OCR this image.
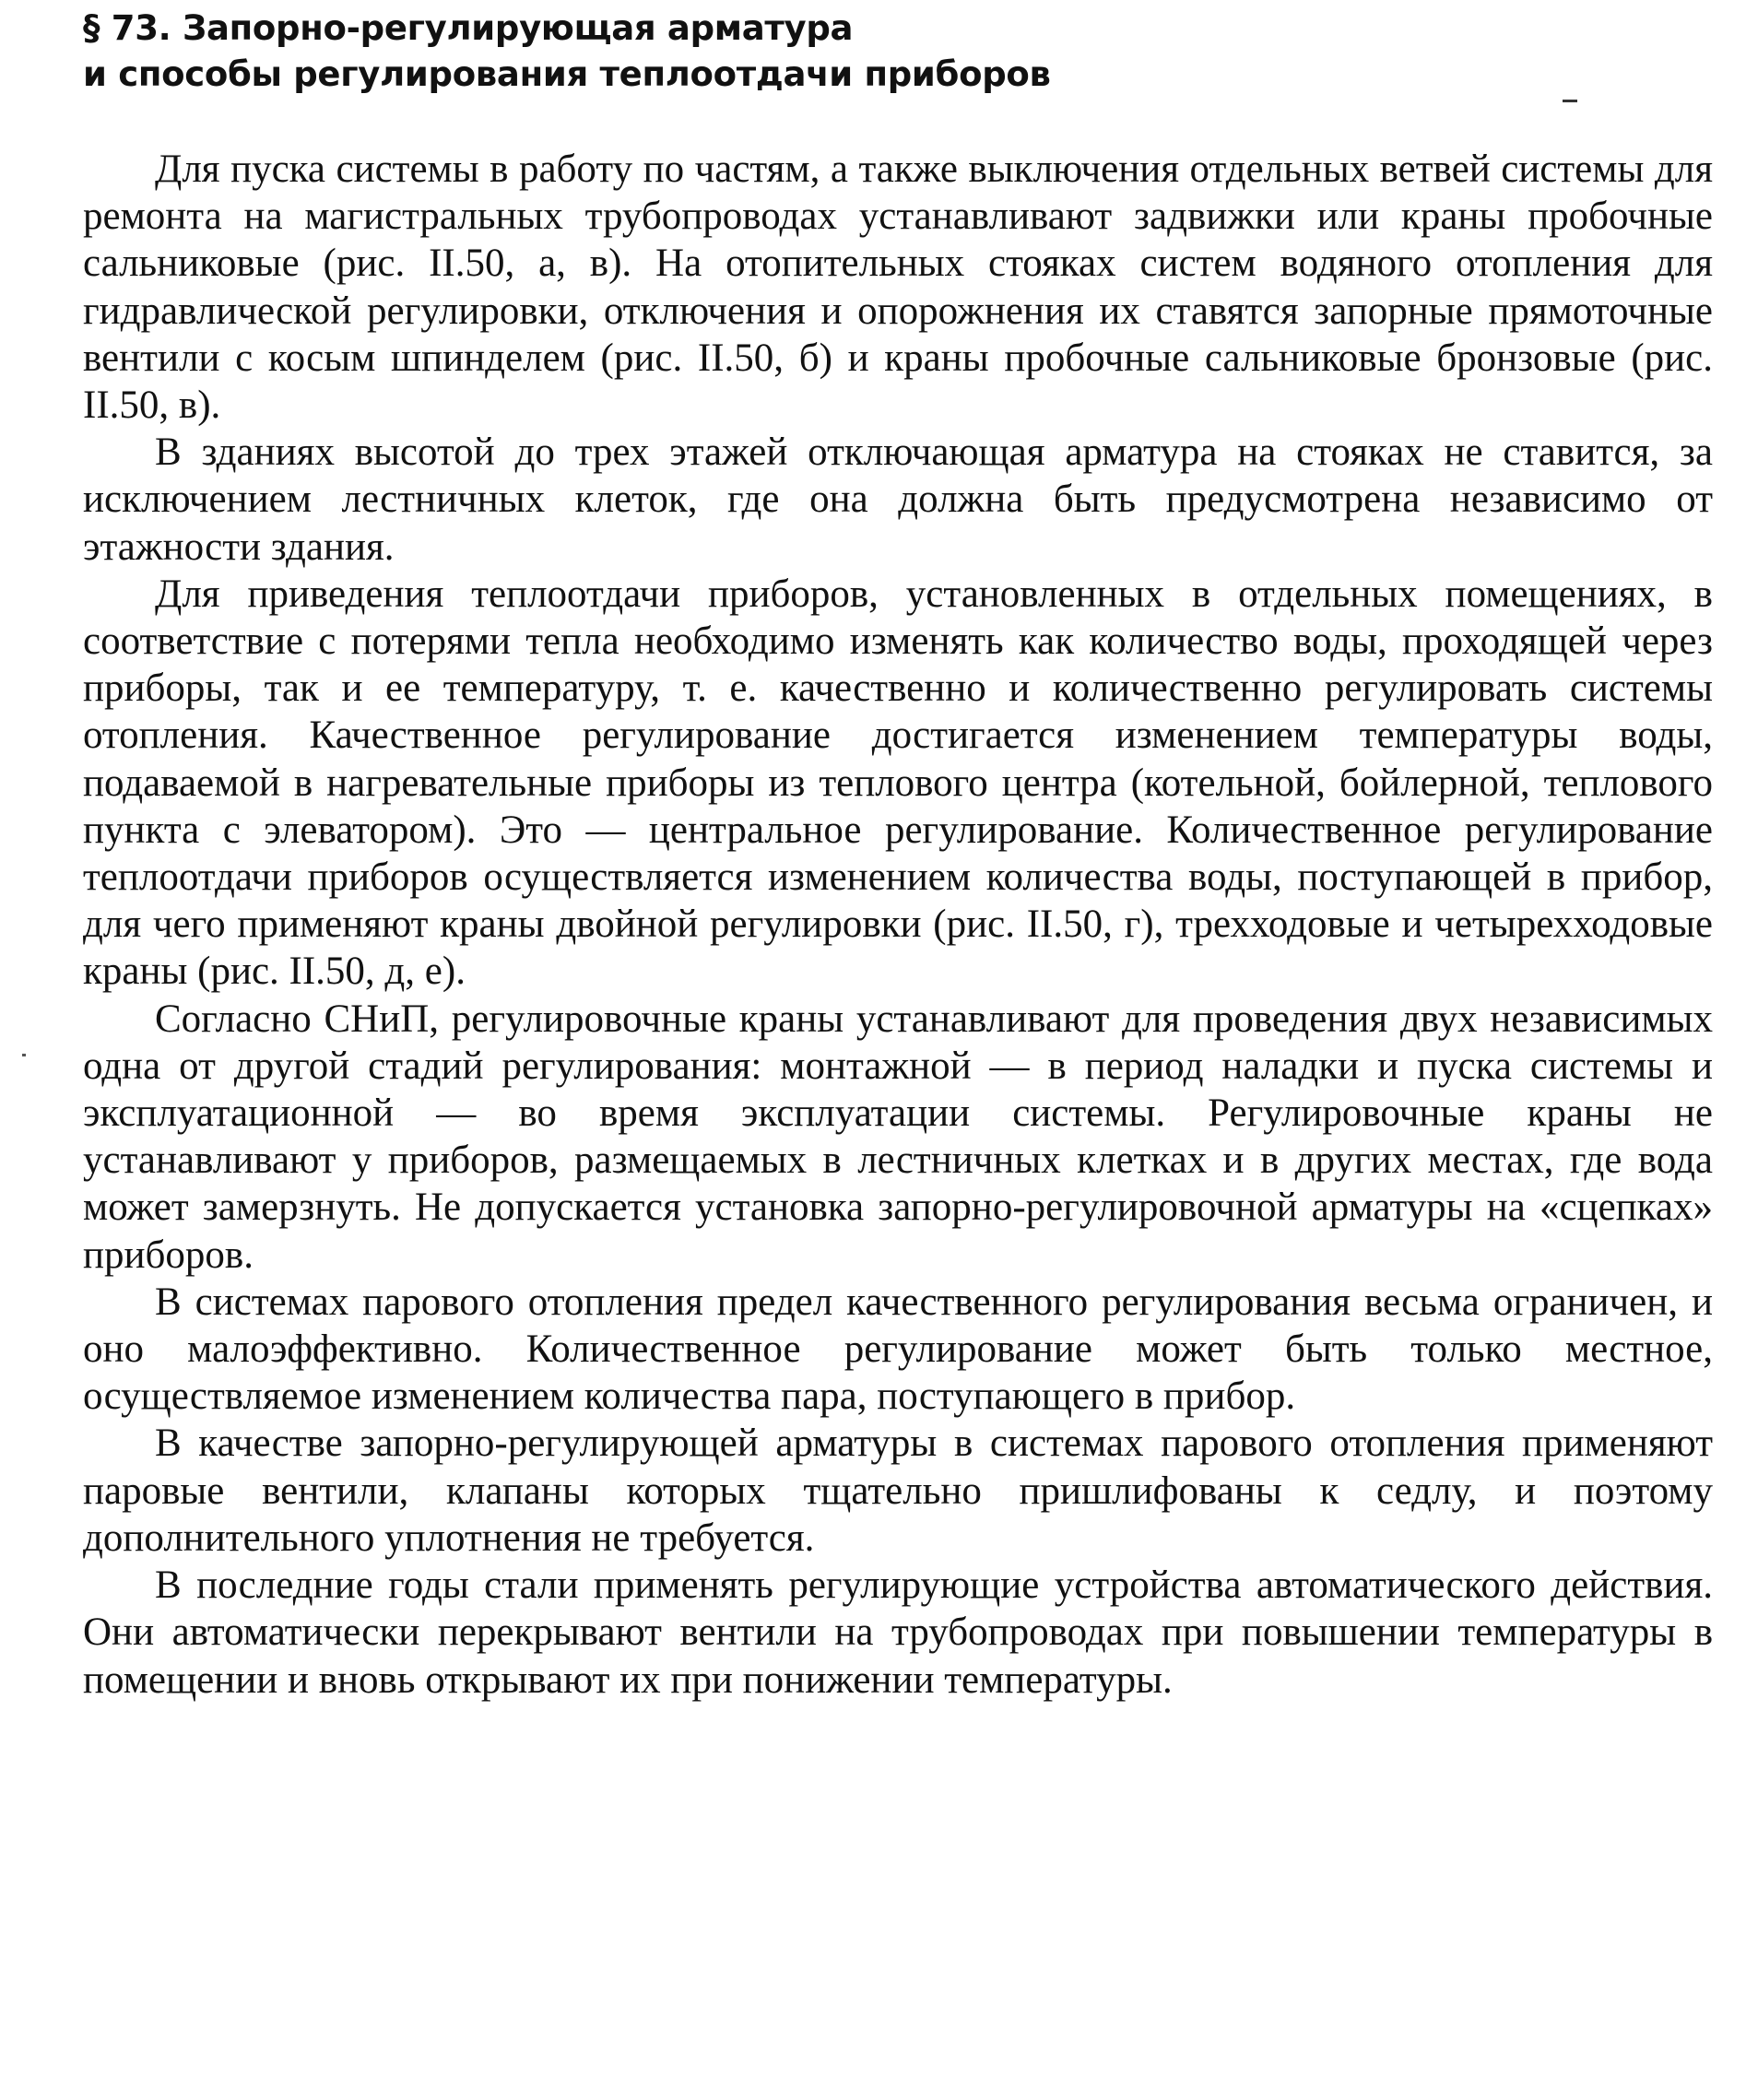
§ 73. Запорно-регулирующая арматура
и способы регулирования теплоотдачи приборов

Для пуска системы в работу по частям, а также выключения отдельных ветвей системы для ремонта на магистральных трубопроводах устанавливают задвижки или краны пробочные сальниковые (рис. II.50, а, в). На отопительных стояках систем водяного отопления для гидравлической регулировки, отключения и опорожнения их ставятся запорные прямоточные вентили с косым шпинделем (рис. II.50, б) и краны пробочные сальниковые бронзовые (рис. II.50, в).

В зданиях высотой до трех этажей отключающая арматура на стояках не ставится, за исключением лестничных клеток, где она должна быть предусмотрена независимо от этажности здания.

Для приведения теплоотдачи приборов, установленных в отдельных помещениях, в соответствие с потерями тепла необходимо изменять как количество воды, проходящей через приборы, так и ее температуру, т. е. качественно и количественно регулировать системы отопления. Качественное регулирование достигается изменением температуры воды, подаваемой в нагревательные приборы из теплового центра (котельной, бойлерной, теплового пункта с элеватором). Это — центральное регулирование. Количественное регулирование теплоотдачи приборов осуществляется изменением количества воды, поступающей в прибор, для чего применяют краны двойной регулировки (рис. II.50, г), трехходовые и четырехходовые краны (рис. II.50, д, е).

Согласно СНиП, регулировочные краны устанавливают для проведения двух независимых одна от другой стадий регулирования: монтажной — в период наладки и пуска системы и эксплуатационной — во время эксплуатации системы. Регулировочные краны не устанавливают у приборов, размещаемых в лестничных клетках и в других местах, где вода может замерзнуть. Не допускается установка запорно-регулировочной арматуры на «сцепках» приборов.

В системах парового отопления предел качественного регулирования весьма ограничен, и оно малоэффективно. Количественное регулирование может быть только местное, осуществляемое изменением количества пара, поступающего в прибор.

В качестве запорно-регулирующей арматуры в системах парового отопления применяют паровые вентили, клапаны которых тщательно пришлифованы к седлу, и поэтому дополнительного уплотнения не требуется.

В последние годы стали применять регулирующие устройства автоматического действия. Они автоматически перекрывают вентили на трубопроводах при повышении температуры в помещении и вновь открывают их при понижении температуры.
